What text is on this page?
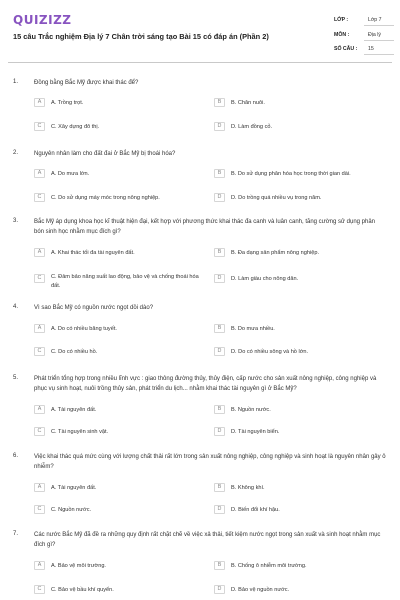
QUIZIZZ
15 câu Trắc nghiệm Địa lý 7 Chân trời sáng tạo Bài 15 có đáp án (Phần 2)
LỚP :	Lớp 7
MÔN :	Địa lý
SỐ CÂU : 15
1.	Đồng bằng Bắc Mỹ được khai thác để?
A	A. Trồng trọt.	B	B. Chăn nuôi.
C	C. Xây dựng đô thị.	D	D. Làm đồng cỏ.
2.	Nguyên nhân làm cho đất đai ở Bắc Mỹ bị thoái hóa?
A	A. Do mưa lớn.	B	B. Do sử dụng phân hóa học trong thời gian dài.
C	C. Do sử dụng máy móc trong nông nghiệp.	D	D. Do trồng quá nhiều vụ trong năm.
3.	Bắc Mỹ áp dụng khoa học kĩ thuật hiện đại, kết hợp với phương thức khai thác đa canh và luân canh, tăng cường sử dụng phân bón sinh học nhằm mục đích gì?
A	A. Khai thác tối đa tài nguyên đất.	B	B. Đa dạng sản phẩm nông nghiệp.
C	C. Đảm bảo năng suất lao động, bảo vệ và chống thoái hóa đất.
D	D. Làm giàu cho nông dân.
4.	Vì sao Bắc Mỹ có nguồn nước ngọt dồi dào?
A	A. Do có nhiều băng tuyết.	B	B. Do mưa nhiều.
C	C. Do có nhiều hồ.	D	D. Do có nhiều sông và hồ lớn.
5.	Phát triển tổng hợp trong nhiều lĩnh vực : giao thông đường thủy, thủy điện, cấp nước cho sản xuất nông nghiệp, công nghiệp và phục vụ sinh hoạt, nuôi trồng thủy sản, phát triển du lịch... nhằm khai thác tài nguyên gì ở Bắc Mỹ?
A	A. Tài nguyên đất.	B	B. Nguồn nước.
C	C. Tài nguyên sinh vật.	D	D. Tài nguyên biển.
6.	Việc khai thác quá mức cùng với lượng chất thải rất lớn trong sản xuất nông nghiệp, công nghiệp và sinh hoạt là nguyên nhân gây ô nhiễm?
A	A. Tài nguyên đất.	B	B. Không khí.
C	C. Nguồn nước.	D	D. Biến đổi khí hậu.
7.	Các nước Bắc Mỹ đã đề ra những quy định rất chặt chẽ về việc xả thải, tiết kiệm nước ngọt trong sản xuất và sinh hoạt nhằm mục đích gì?
A	A. Bảo vệ môi trường.	B	B. Chống ô nhiễm môi trường.
C	C. Bảo vệ bầu khí quyển.	D	D. Bảo vệ nguồn nước.
